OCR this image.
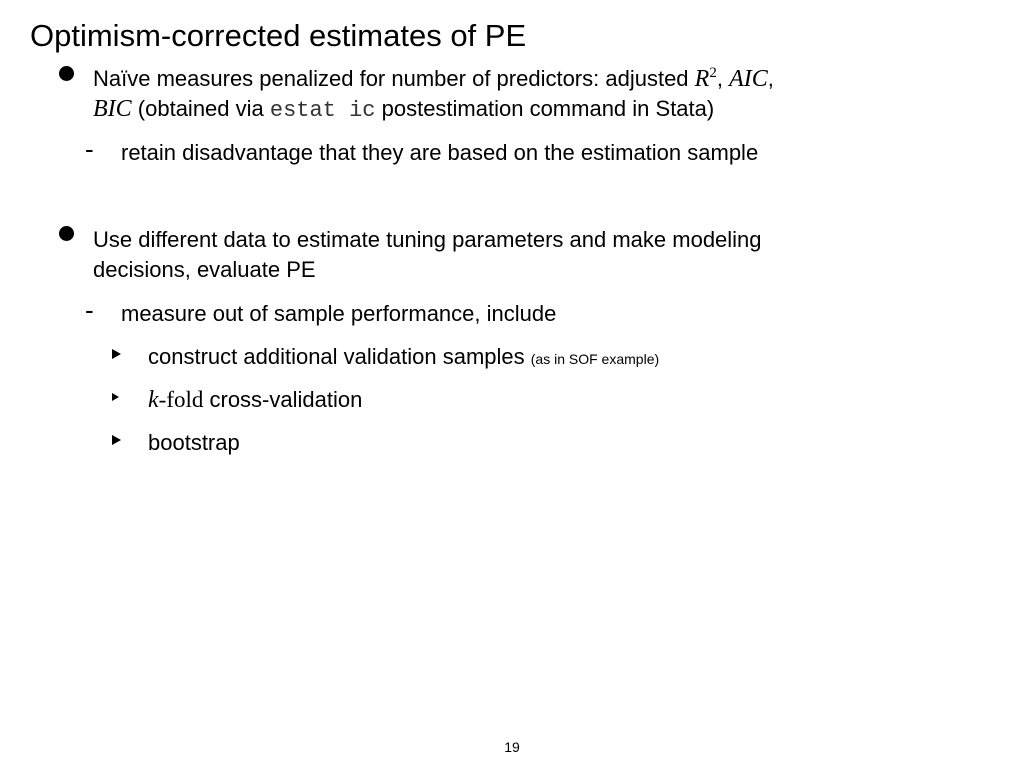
Optimism-corrected estimates of PE
Naïve measures penalized for number of predictors: adjusted $R^2$, AIC,
BIC (obtained via estat ic postestimation command in Stata)
- retain disadvantage that they are based on the estimation sample
Use different data to estimate tuning parameters and make modeling
decisions, evaluate PE
- measure out of sample performance, include
construct additional validation samples (as in SOF example)
k-fold cross-validation
bootstrap
19
